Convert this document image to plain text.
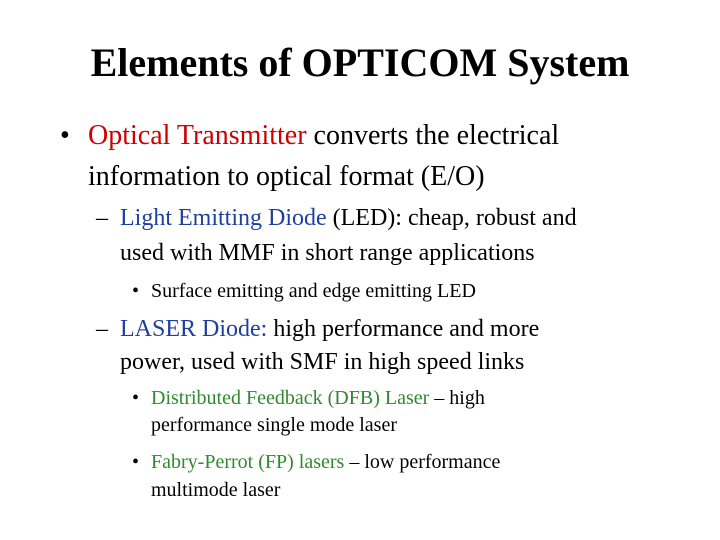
Elements of OPTICOM System
• Optical Transmitter converts the electrical
information to optical format (E/O)
– Light Emitting Diode (LED): cheap, robust and
used with MMF in short range applications
• Surface emitting and edge emitting LED
– LASER Diode: high performance and more
power, used with SMF in high speed links
• Distributed Feedback (DFB) Laser – high
performance single mode laser
• Fabry-Perrot (FP) lasers – low performance
multimode laser
